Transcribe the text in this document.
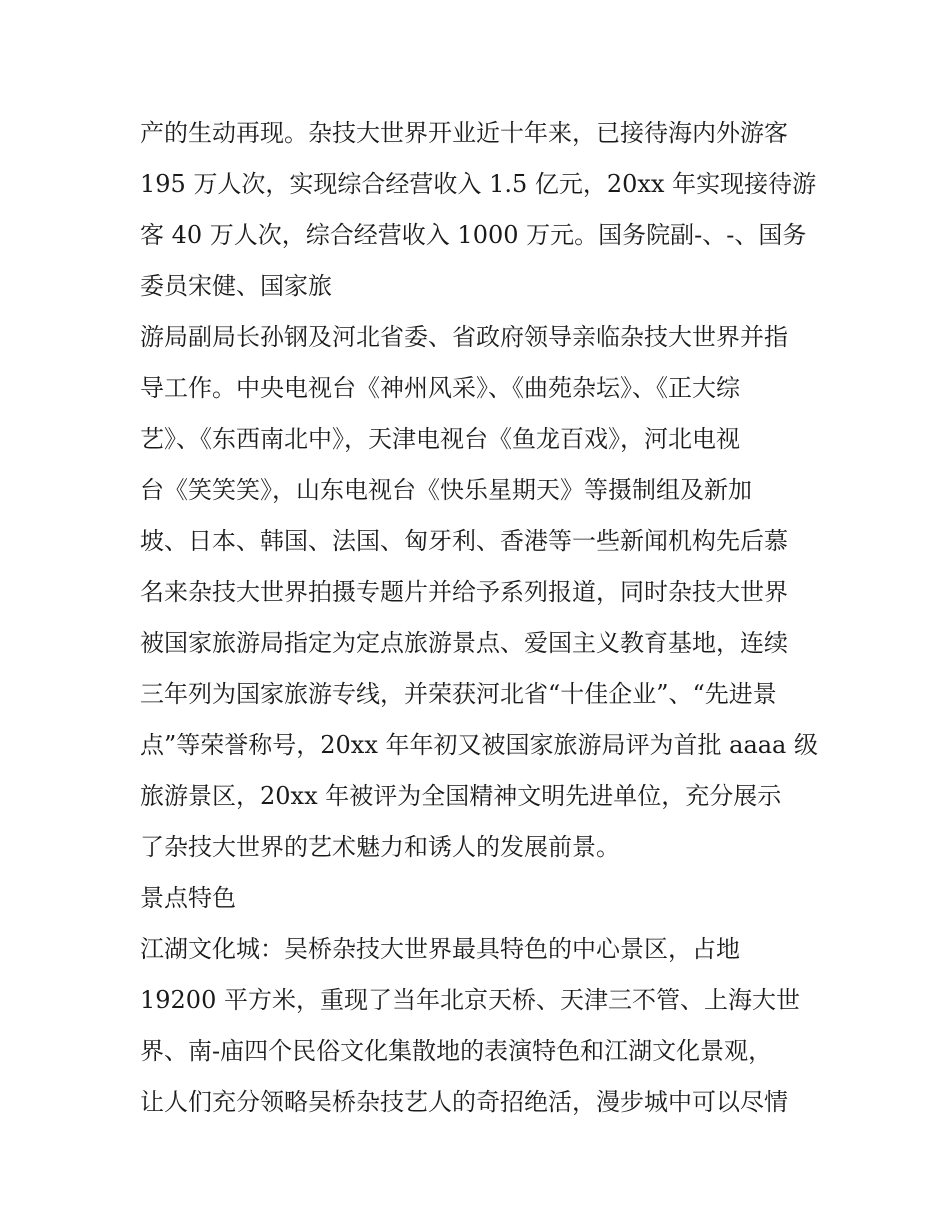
产的生动再现。杂技大世界开业近十年来，已接待海内外游客

195 万人次，实现综合经营收入 1.5 亿元，20xx 年实现接待游

客 40 万人次，综合经营收入 1000 万元。国务院副-、-、国务

委员宋健、国家旅

游局副局长孙钢及河北省委、省政府领导亲临杂技大世界并指

导工作。中央电视台《神州风采》、《曲苑杂坛》、《正大综

艺》、《东西南北中》，天津电视台《鱼龙百戏》，河北电视

台《笑笑笑》，山东电视台《快乐星期天》等摄制组及新加

坡、日本、韩国、法国、匈牙利、香港等一些新闻机构先后慕

名来杂技大世界拍摄专题片并给予系列报道，同时杂技大世界

被国家旅游局指定为定点旅游景点、爱国主义教育基地，连续

三年列为国家旅游专线，并荣获河北省“十佳企业”、“先进景

点”等荣誉称号，20xx 年年初又被国家旅游局评为首批 aaaa 级

旅游景区，20xx 年被评为全国精神文明先进单位，充分展示

了杂技大世界的艺术魅力和诱人的发展前景。

景点特色

江湖文化城：吴桥杂技大世界最具特色的中心景区，占地

19200 平方米，重现了当年北京天桥、天津三不管、上海大世

界、南-庙四个民俗文化集散地的表演特色和江湖文化景观，

让人们充分领略吴桥杂技艺人的奇招绝活，漫步城中可以尽情
